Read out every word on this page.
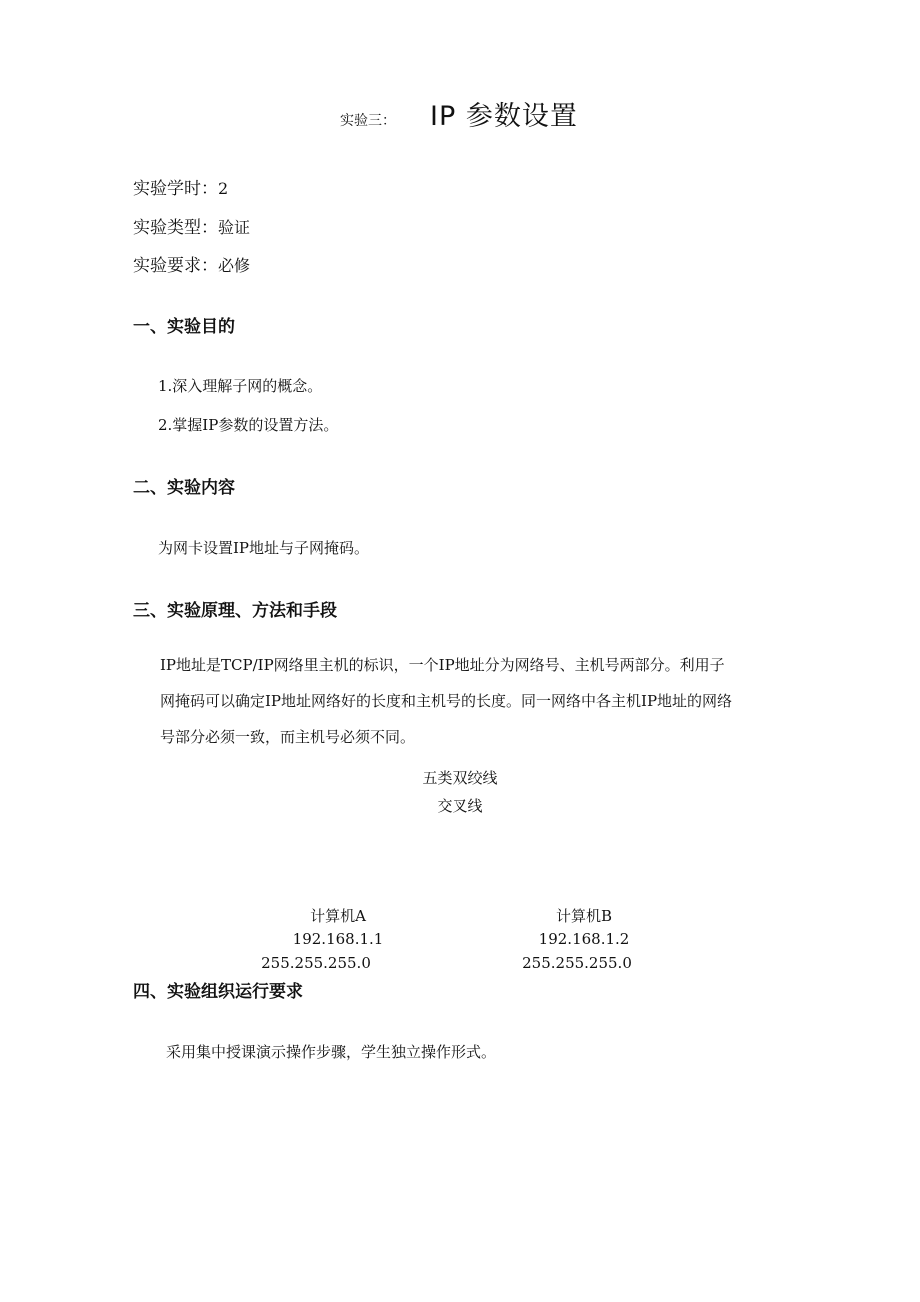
实验三： IP 参数设置
实验学时：2
实验类型：验证
实验要求：必修
一、实验目的
1.深入理解子网的概念。
2.掌握IP参数的设置方法。
二、实验内容
为网卡设置IP地址与子网掩码。
三、实验原理、方法和手段
IP地址是TCP/IP网络里主机的标识，一个IP地址分为网络号、主机号两部分。利用子
网掩码可以确定IP地址网络好的长度和主机号的长度。同一网络中各主机IP地址的网络
号部分必须一致，而主机号必须不同。
五类双绞线
交叉线
计算机A
192.168.1.1
255.255.255.0
计算机B
192.168.1.2
255.255.255.0
四、实验组织运行要求
采用集中授课演示操作步骤，学生独立操作形式。
